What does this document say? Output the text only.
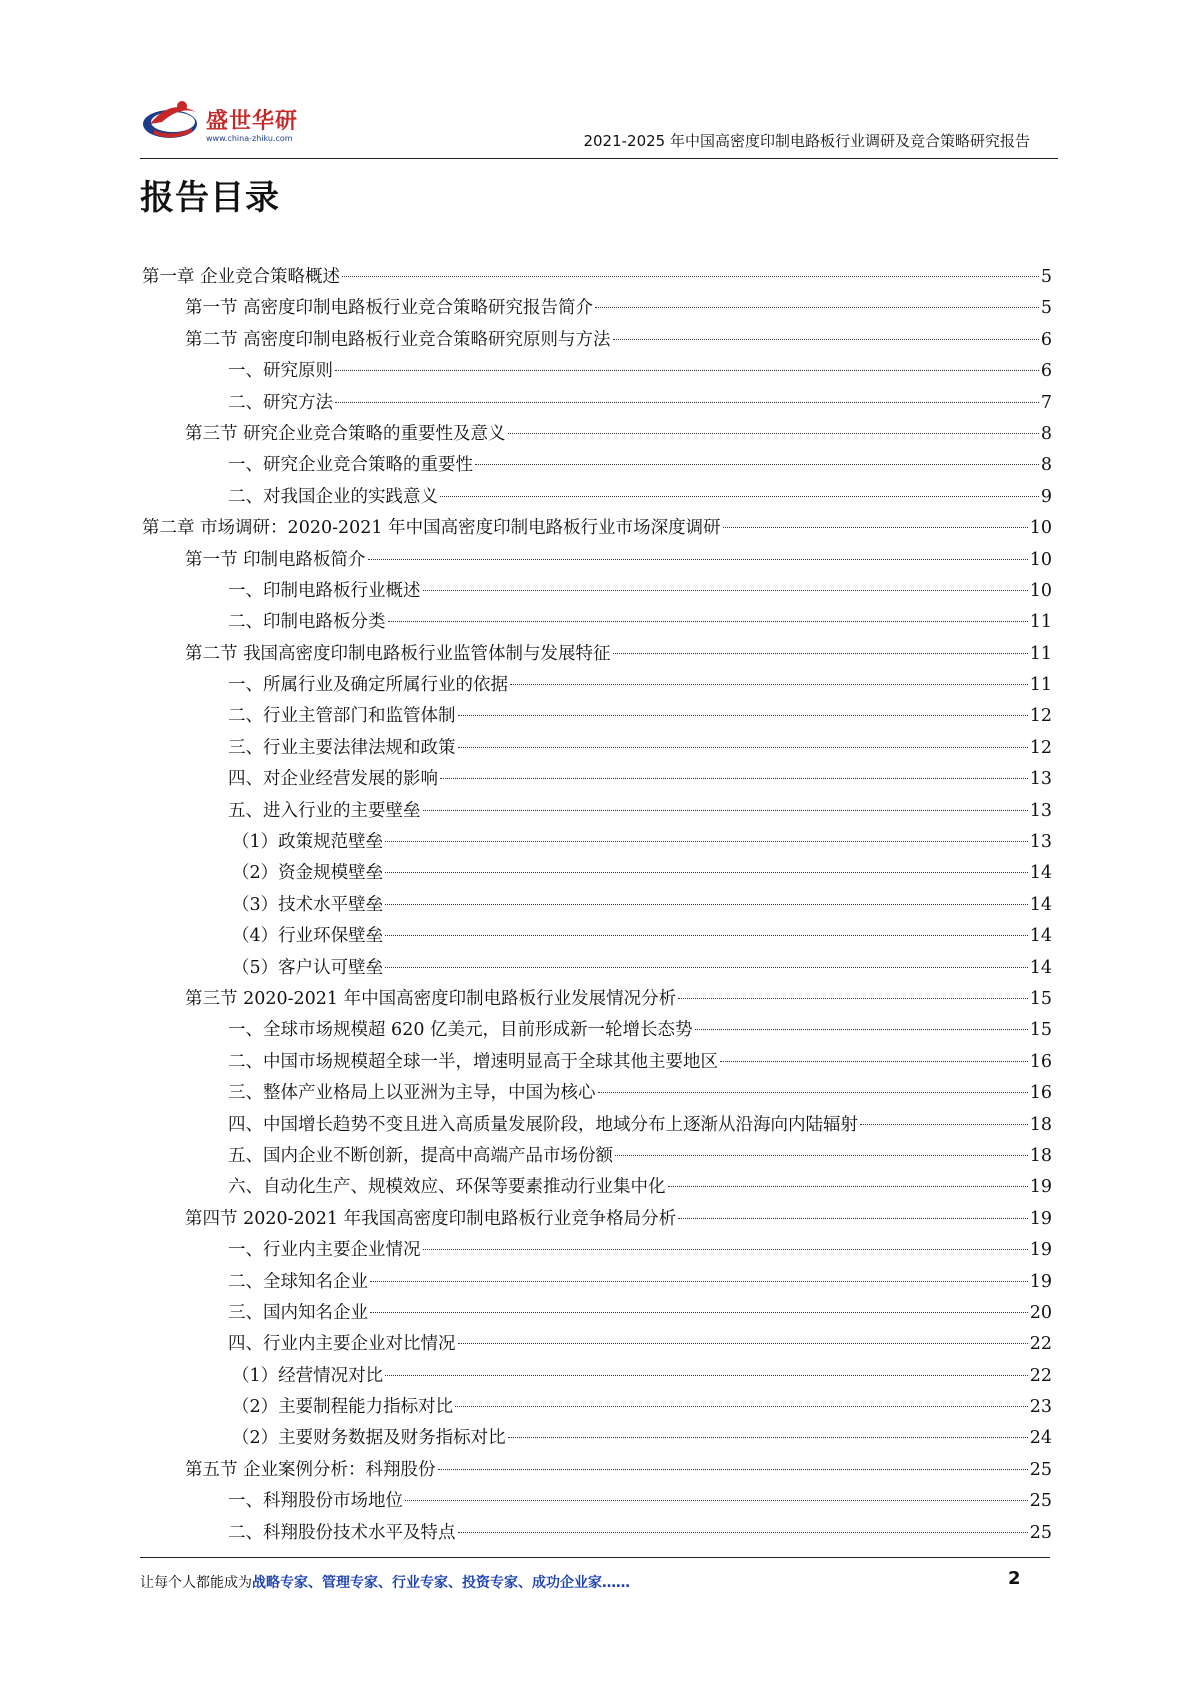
盛世华研
www.china-zhiku.com	2021-2025 年中国高密度印制电路板行业调研及竞合策略研究报告
报告目录
第一章 企业竞合策略概述	5
第一节 高密度印制电路板行业竞合策略研究报告简介	5
第二节 高密度印制电路板行业竞合策略研究原则与方法	6
一、研究原则	6
二、研究方法	7
第三节 研究企业竞合策略的重要性及意义	8
一、研究企业竞合策略的重要性	8
二、对我国企业的实践意义	9
第二章 市场调研：2020-2021 年中国高密度印制电路板行业市场深度调研	10
第一节 印制电路板简介	10
一、印制电路板行业概述	10
二、印制电路板分类	11
第二节 我国高密度印制电路板行业监管体制与发展特征	11
一、所属行业及确定所属行业的依据	11
二、行业主管部门和监管体制	12
三、行业主要法律法规和政策	12
四、对企业经营发展的影响	13
五、进入行业的主要壁垒	13
（1）政策规范壁垒	13
（2）资金规模壁垒	14
（3）技术水平壁垒	14
（4）行业环保壁垒	14
（5）客户认可壁垒	14
第三节 2020-2021 年中国高密度印制电路板行业发展情况分析	15
一、全球市场规模超 620 亿美元，目前形成新一轮增长态势	15
二、中国市场规模超全球一半，增速明显高于全球其他主要地区	16
三、整体产业格局上以亚洲为主导，中国为核心	16
四、中国增长趋势不变且进入高质量发展阶段，地域分布上逐渐从沿海向内陆辐射	18
五、国内企业不断创新，提高中高端产品市场份额	18
六、自动化生产、规模效应、环保等要素推动行业集中化	19
第四节 2020-2021 年我国高密度印制电路板行业竞争格局分析	19
一、行业内主要企业情况	19
二、全球知名企业	19
三、国内知名企业	20
四、行业内主要企业对比情况	22
（1）经营情况对比	22
（2）主要制程能力指标对比	23
（2）主要财务数据及财务指标对比	24
第五节 企业案例分析：科翔股份	25
一、科翔股份市场地位	25
二、科翔股份技术水平及特点	25
让每个人都能成为战略专家、管理专家、行业专家、投资专家、成功企业家……	2
